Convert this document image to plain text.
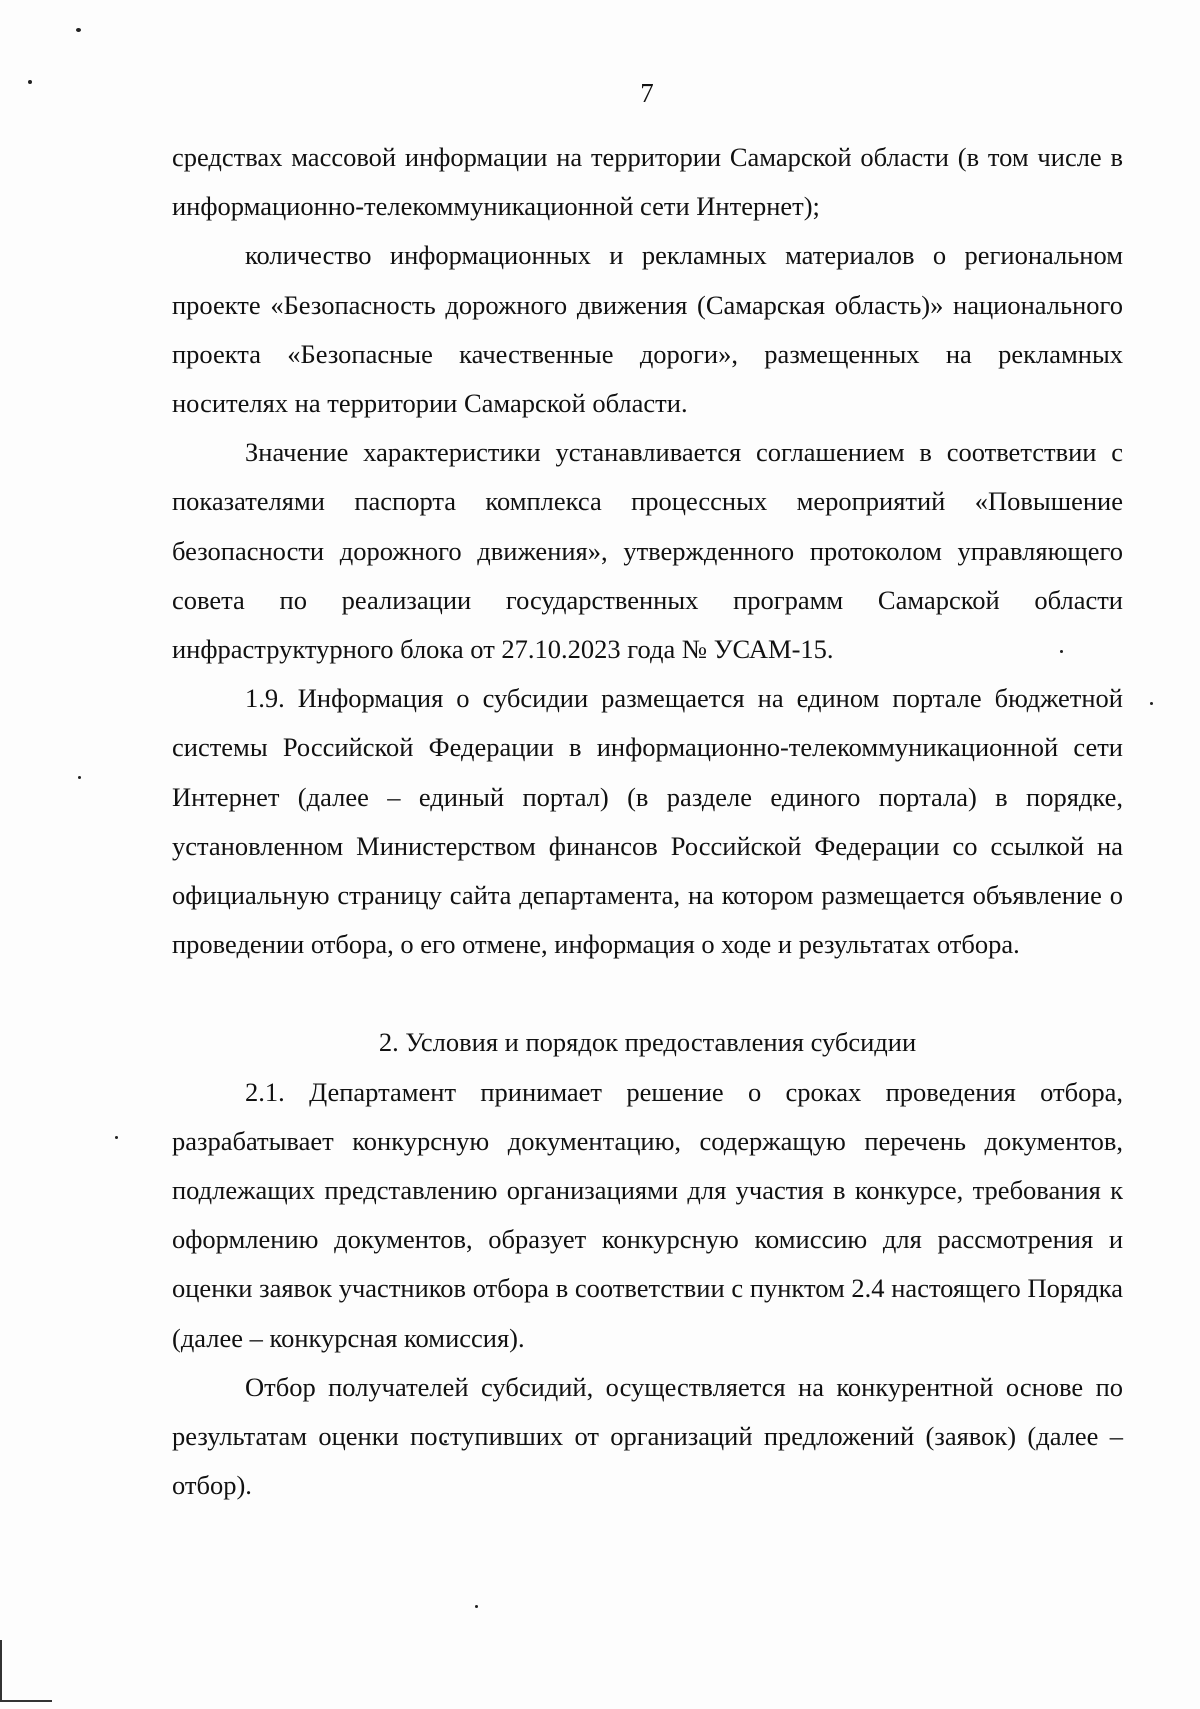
7

средствах массовой информации на территории Самарской области (в том числе в информационно-телекоммуникационной сети Интернет);

количество информационных и рекламных материалов о региональном проекте «Безопасность дорожного движения (Самарская область)» национального проекта «Безопасные качественные дороги», размещенных на рекламных носителях на территории Самарской области.

Значение характеристики устанавливается соглашением в соответствии с показателями паспорта комплекса процессных мероприятий «Повышение безопасности дорожного движения», утвержденного протоколом управляющего совета по реализации государственных программ Самарской области инфраструктурного блока от 27.10.2023 года № УСАМ-15.

1.9. Информация о субсидии размещается на едином портале бюджетной системы Российской Федерации в информационно-телекоммуникационной сети Интернет (далее – единый портал) (в разделе единого портала) в порядке, установленном Министерством финансов Российской Федерации со ссылкой на официальную страницу сайта департамента, на котором размещается объявление о проведении отбора, о его отмене, информация о ходе и результатах отбора.

2. Условия и порядок предоставления субсидии

2.1. Департамент принимает решение о сроках проведения отбора, разрабатывает конкурсную документацию, содержащую перечень документов, подлежащих представлению организациями для участия в конкурсе, требования к оформлению документов, образует конкурсную комиссию для рассмотрения и оценки заявок участников отбора в соответствии с пунктом 2.4 настоящего Порядка (далее – конкурсная комиссия).

Отбор получателей субсидий, осуществляется на конкурентной основе по результатам оценки поступивших от организаций предложений (заявок) (далее – отбор).
